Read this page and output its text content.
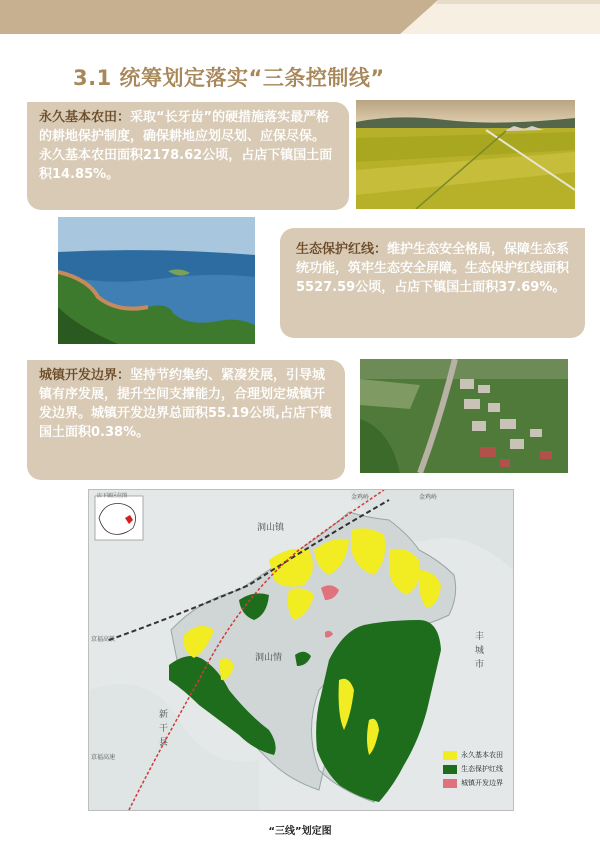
3.1 统筹划定落实“三条控制线”
永久基本农田：采取“长牙齿”的硬措施落实最严格的耕地保护制度，确保耕地应划尽划、应保尽保。永久基本农田面积2178.62公顷，占店下镇国土面积14.85%。
生态保护红线：维护生态安全格局，保障生态系统功能，筑牢生态安全屏障。生态保护红线面积5527.59公顷，占店下镇国土面积37.69%。
城镇开发边界：坚持节约集约、紧凑发展，引导城镇有序发展，提升空间支撑能力，合理划定城镇开发边界。城镇开发边界总面积55.19公顷,占店下镇国土面积0.38%。
洞山镇
洞山情
新干县
丰城市
金鸡岭	金鸡岭
京福高铁
京福高速
店下镇区位图
永久基本农田
生态保护红线
城镇开发边界
“三线”划定图
